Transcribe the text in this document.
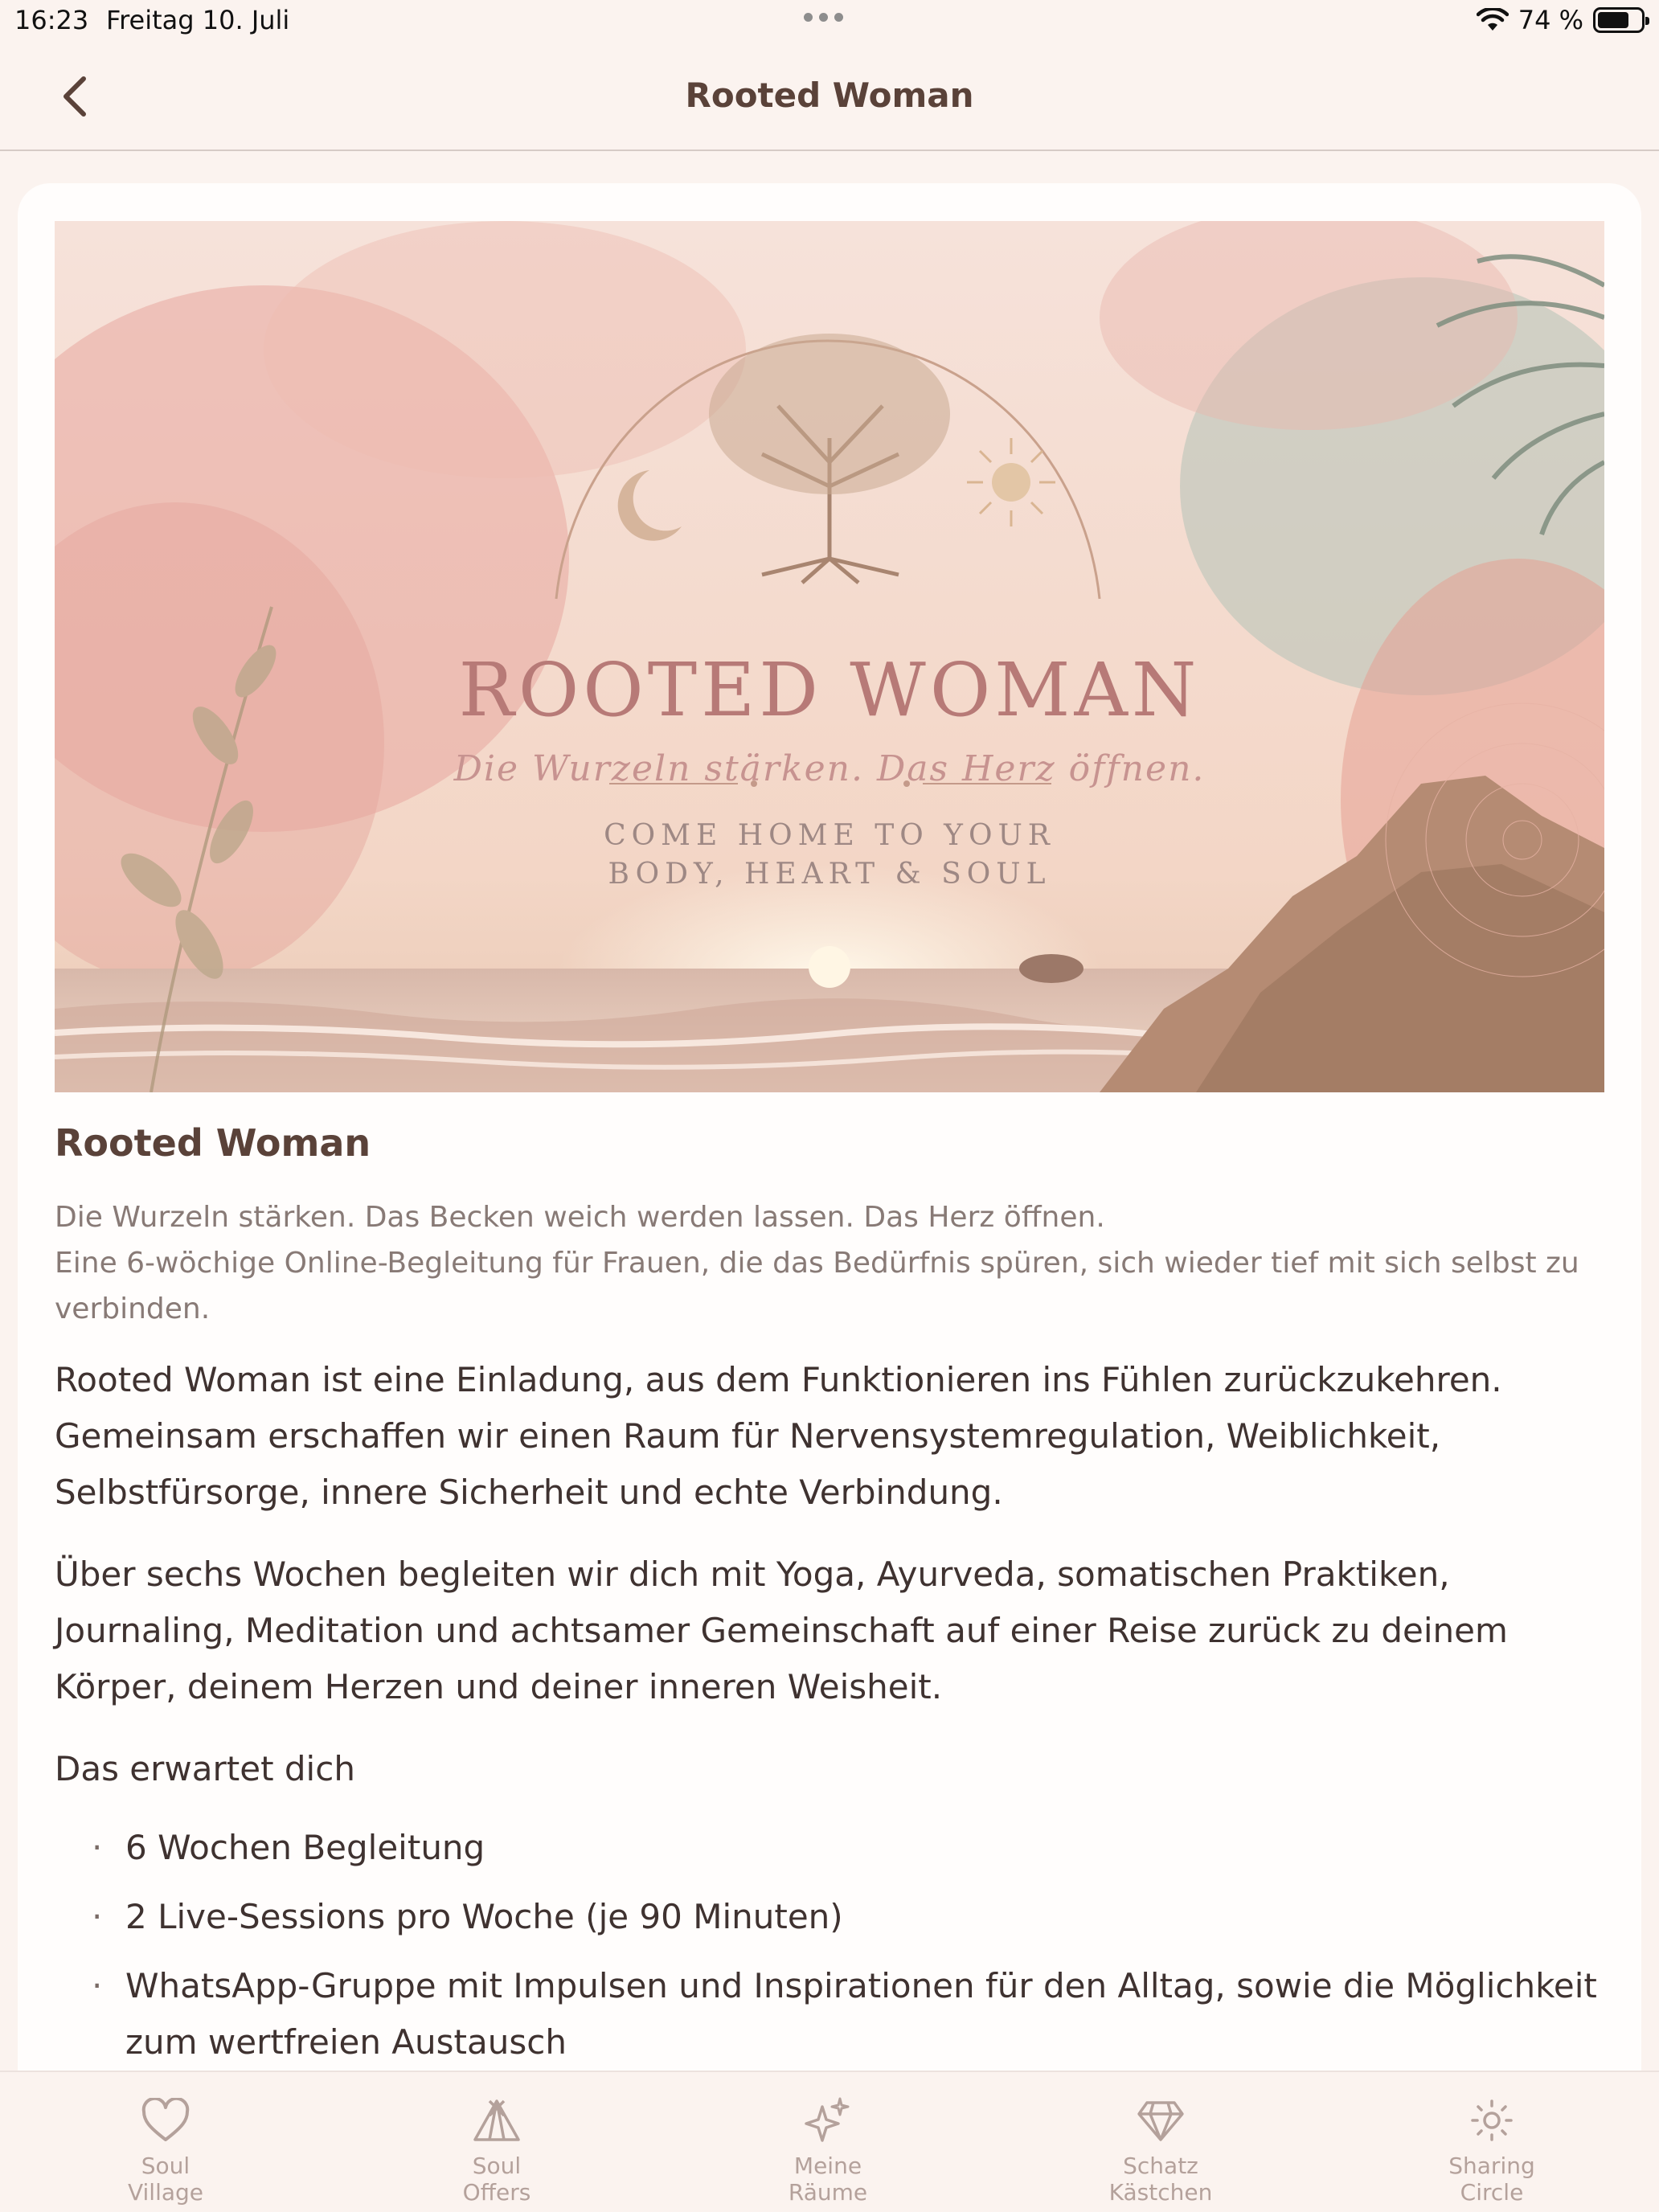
16:23 Freitag 10. Juli	74 %
Rooted Woman
ROOTED WOMAN
Die Wurzeln stärken. Das Herz öffnen.
COME HOME TO YOUR
BODY, HEART & SOUL
Rooted Woman
Die Wurzeln stärken. Das Becken weich werden lassen. Das Herz öffnen.
Eine 6-wöchige Online-Begleitung für Frauen, die das Bedürfnis spüren, sich wieder tief mit sich selbst zu verbinden.
Rooted Woman ist eine Einladung, aus dem Funktionieren ins Fühlen zurückzukehren. Gemeinsam erschaffen wir einen Raum für Nervensystemregulation, Weiblichkeit, Selbstfürsorge, innere Sicherheit und echte Verbindung.
Über sechs Wochen begleiten wir dich mit Yoga, Ayurveda, somatischen Praktiken, Journaling, Meditation und achtsamer Gemeinschaft auf einer Reise zurück zu deinem Körper, deinem Herzen und deiner inneren Weisheit.
Das erwartet dich
· 6 Wochen Begleitung
· 2 Live-Sessions pro Woche (je 90 Minuten)
· WhatsApp-Gruppe mit Impulsen und Inspirationen für den Alltag, sowie die Möglichkeit zum wertfreien Austausch
Soul
Village
Soul
Offers
Meine
Räume
Schatz
Kästchen
Sharing
Circle
